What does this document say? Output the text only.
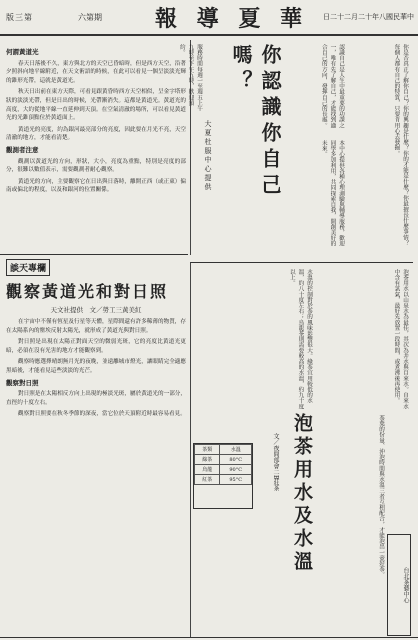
版三第	六第期 報 導 夏 華 日二十二月二十年八國民華中
何謂黃道光

春天日落後不久，東方與北方的天空已昏暗時，但是西方天空，沿著夕照斜向地平線附近，在天文術語的時候，在此可以看見一個呈淡淡光輝的錐形光帶，這就是黃道光。

秋天日出前在東方天際，可看見跟黃昏時西方天空相似，呈金字塔形狀的淡淡光帶，但是日出的時候，光帶漸消失。這都是黃道光。黃道光的高度，大約從地平線一直延伸到天頂。在空氣清澈的場所，可以看見黃道光的光錐頂點位於黃道面上。

黃道光的亮度，約為銀河最亮部分的亮度，因此要在月光不亮，天空清澈的地方，才能看清楚。

觀測者注意

觀測以黃道光的方向，形狀，大小，亮度為重點，特別是亮度的部分，很難以數值表示，需要觀測者耐心觀察。

黃道光的方向，主要觀察它在日出與日落時，離開正西（或正東）偏南或偏北的程度，以及和銀河的位置關係。	你是否真正了解你自己？你的興趣是什麼？你的才能是什麼？你最擅長什麼事情？每個人都有自己的特質，只要肯用心去發掘。
認識自己是人生中最重要的功課之一，唯有先了解自己，才能找到適合自己的方向，發揮自己的長處。
你認識你自己嗎？
大夏杜服中心提供	本中心提供各種心理測驗與輔導服務，歡迎同學多加利用，共同探索自我，開創美好的未來。
服務時間每週一至週五上午九時至下午五時，歡迎預約。
談天專欄
觀察黃道光和對日照
天文社提供　文／勞工三黃美紅

在宇宙中不僅有恆星及行星等天體，星際間還有許多稀薄的物質，存在太陽系內的塵埃反射太陽光，就形成了黃道光與對日照。

對日照是出現在太陽正對面天空的微弱光斑，它的亮度比黃道光更暗，必須在沒有光害的地方才能觀察到。

觀察時應選擇晴朗無月光的夜晚，並遠離城市燈光，讓眼睛完全適應黑暗後，才能看見這些淡淡的光芒。

觀察對日照

對日照是在太陽相反方向上出現的極淡光斑，屬於黃道光的一部分，直徑約十度左右。

觀察對日照要在秋冬季節的深夜，當它位於天頂附近時最容易看見。

泡茶用水以山泉水為最佳，其次為井水與自來水。自來水中含有氯氣，最好先放置一段時間，或煮沸後再使用。
水溫的控制對於茶的風味影響很大。綠茶宜用較低的水溫，約八十度左右；烏龍茶則需要較高的水溫，約九十度以上。
泡茶用水及水溫
文／夜間部會二B莊茶	茶葉的份量、沖泡時間與水溫三者互相配合，才能泡出一壺好茶。
茶類	水溫
綠茶	80°C
烏龍	90°C
紅茶	95°C
台北茶藝中心
